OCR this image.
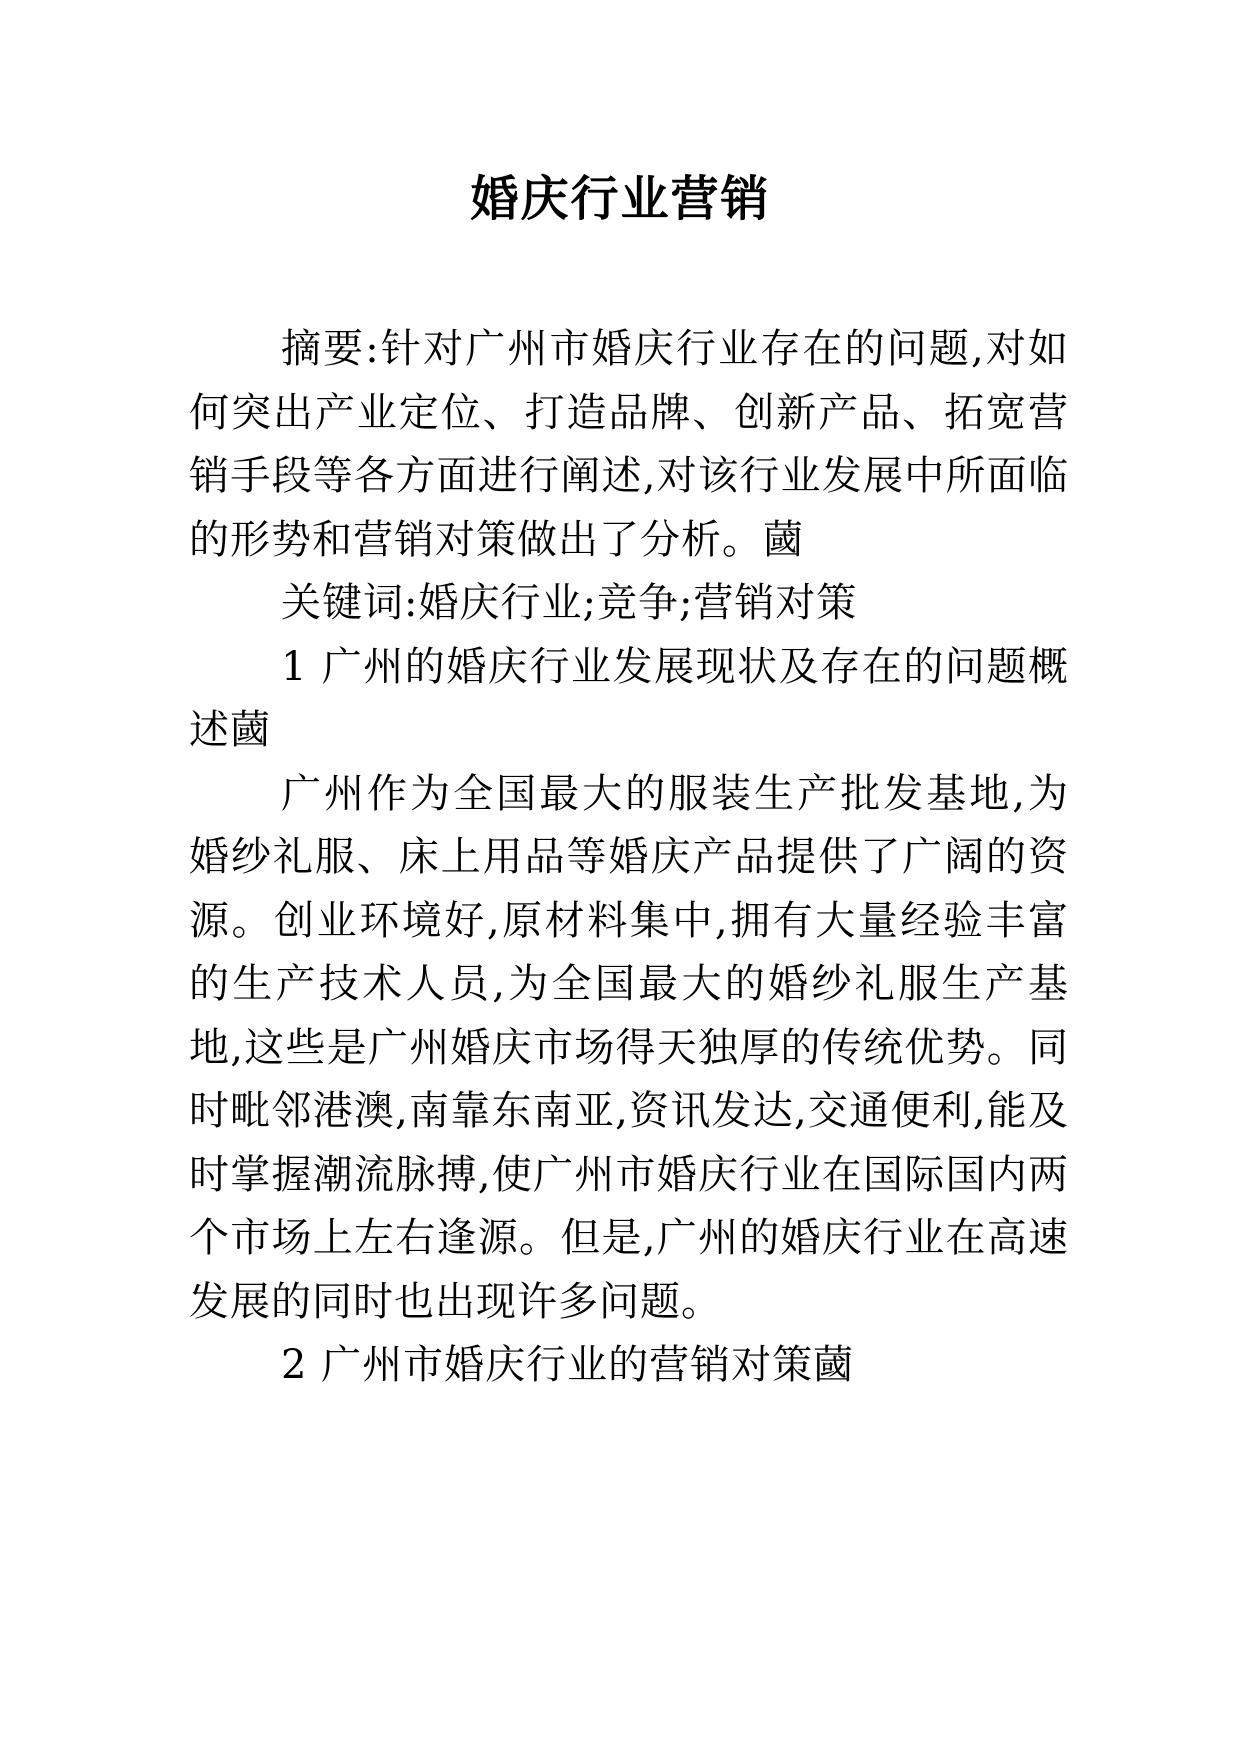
婚庆行业营销

摘要:针对广州市婚庆行业存在的问题,对如何突出产业定位、打造品牌、创新产品、拓宽营销手段等各方面进行阐述,对该行业发展中所面临的形势和营销对策做出了分析。蔮

关键词:婚庆行业;竞争;营销对策

1 广州的婚庆行业发展现状及存在的问题概述蔮

广州作为全国最大的服装生产批发基地,为婚纱礼服、床上用品等婚庆产品提供了广阔的资源。创业环境好,原材料集中,拥有大量经验丰富的生产技术人员,为全国最大的婚纱礼服生产基地,这些是广州婚庆市场得天独厚的传统优势。同时毗邻港澳,南靠东南亚,资讯发达,交通便利,能及时掌握潮流脉搏,使广州市婚庆行业在国际国内两个市场上左右逢源。但是,广州的婚庆行业在高速发展的同时也出现许多问题。

2 广州市婚庆行业的营销对策蔮
